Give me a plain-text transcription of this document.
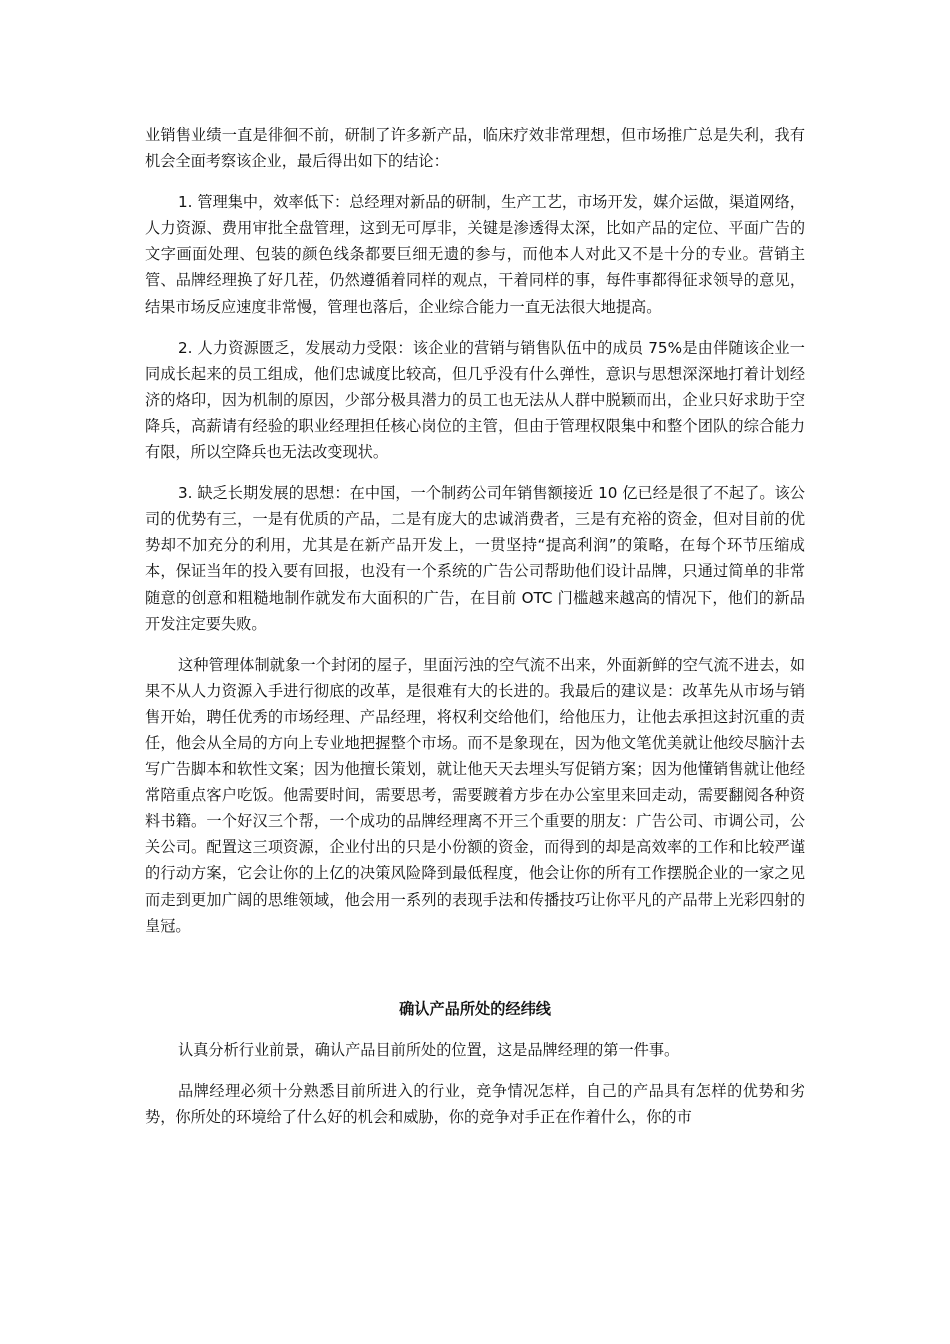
业销售业绩一直是徘徊不前，研制了许多新产品，临床疗效非常理想，但市场推广总是失利，我有机会全面考察该企业，最后得出如下的结论：

1. 管理集中，效率低下：总经理对新品的研制，生产工艺，市场开发，媒介运做，渠道网络，人力资源、费用审批全盘管理，这到无可厚非，关键是渗透得太深，比如产品的定位、平面广告的文字画面处理、包装的颜色线条都要巨细无遗的参与，而他本人对此又不是十分的专业。营销主管、品牌经理换了好几茬，仍然遵循着同样的观点，干着同样的事，每件事都得征求领导的意见，结果市场反应速度非常慢，管理也落后，企业综合能力一直无法很大地提高。

2. 人力资源匮乏，发展动力受限：该企业的营销与销售队伍中的成员 75%是由伴随该企业一同成长起来的员工组成，他们忠诚度比较高，但几乎没有什么弹性，意识与思想深深地打着计划经济的烙印，因为机制的原因，少部分极具潜力的员工也无法从人群中脱颖而出，企业只好求助于空降兵，高薪请有经验的职业经理担任核心岗位的主管，但由于管理权限集中和整个团队的综合能力有限，所以空降兵也无法改变现状。

3. 缺乏长期发展的思想：在中国，一个制药公司年销售额接近 10 亿已经是很了不起了。该公司的优势有三，一是有优质的产品，二是有庞大的忠诚消费者，三是有充裕的资金，但对目前的优势却不加充分的利用，尤其是在新产品开发上，一贯坚持“提高利润”的策略，在每个环节压缩成本，保证当年的投入要有回报，也没有一个系统的广告公司帮助他们设计品牌，只通过简单的非常随意的创意和粗糙地制作就发布大面积的广告，在目前 OTC 门槛越来越高的情况下，他们的新品开发注定要失败。

这种管理体制就象一个封闭的屋子，里面污浊的空气流不出来，外面新鲜的空气流不进去，如果不从人力资源入手进行彻底的改革，是很难有大的长进的。我最后的建议是：改革先从市场与销售开始，聘任优秀的市场经理、产品经理，将权利交给他们，给他压力，让他去承担这封沉重的责任，他会从全局的方向上专业地把握整个市场。而不是象现在，因为他文笔优美就让他绞尽脑汁去写广告脚本和软性文案；因为他擅长策划，就让他天天去埋头写促销方案；因为他懂销售就让他经常陪重点客户吃饭。他需要时间，需要思考，需要踱着方步在办公室里来回走动，需要翻阅各种资料书籍。一个好汉三个帮，一个成功的品牌经理离不开三个重要的朋友：广告公司、市调公司，公关公司。配置这三项资源，企业付出的只是小份额的资金，而得到的却是高效率的工作和比较严谨的行动方案，它会让你的上亿的决策风险降到最低程度，他会让你的所有工作摆脱企业的一家之见而走到更加广阔的思维领域，他会用一系列的表现手法和传播技巧让你平凡的产品带上光彩四射的皇冠。

确认产品所处的经纬线

认真分析行业前景，确认产品目前所处的位置，这是品牌经理的第一件事。

品牌经理必须十分熟悉目前所进入的行业，竞争情况怎样，自己的产品具有怎样的优势和劣势，你所处的环境给了什么好的机会和威胁，你的竞争对手正在作着什么，你的市
